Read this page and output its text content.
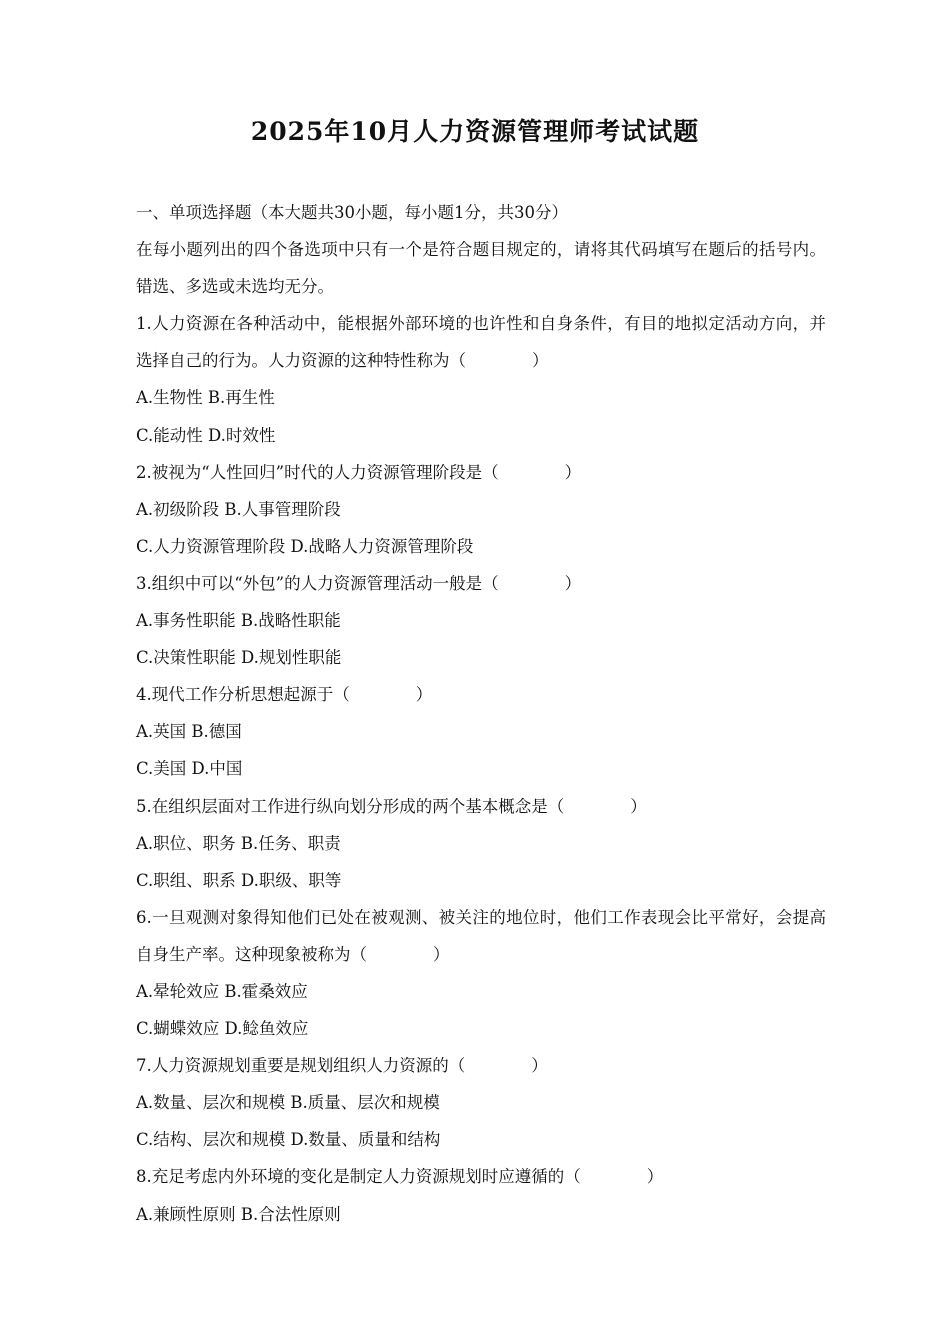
2025年10月人力资源管理师考试试题
一、单项选择题（本大题共30小题，每小题1分，共30分）
在每小题列出的四个备选项中只有一个是符合题目规定的，请将其代码填写在题后的括号内。错选、多选或未选均无分。
1.人力资源在各种活动中，能根据外部环境的也许性和自身条件，有目的地拟定活动方向，并选择自己的行为。人力资源的这种特性称为（　　　　）
A.生物性 B.再生性
C.能动性 D.时效性
2.被视为“人性回归”时代的人力资源管理阶段是（　　　　）
A.初级阶段 B.人事管理阶段
C.人力资源管理阶段 D.战略人力资源管理阶段
3.组织中可以“外包”的人力资源管理活动一般是（　　　　）
A.事务性职能 B.战略性职能
C.决策性职能 D.规划性职能
4.现代工作分析思想起源于（　　　　）
A.英国 B.德国
C.美国 D.中国
5.在组织层面对工作进行纵向划分形成的两个基本概念是（　　　　）
A.职位、职务 B.任务、职责
C.职组、职系 D.职级、职等
6.一旦观测对象得知他们已处在被观测、被关注的地位时，他们工作表现会比平常好，会提高自身生产率。这种现象被称为（　　　　）
A.晕轮效应 B.霍桑效应
C.蝴蝶效应 D.鲶鱼效应
7.人力资源规划重要是规划组织人力资源的（　　　　）
A.数量、层次和规模 B.质量、层次和规模
C.结构、层次和规模 D.数量、质量和结构
8.充足考虑内外环境的变化是制定人力资源规划时应遵循的（　　　　）
A.兼顾性原则 B.合法性原则
